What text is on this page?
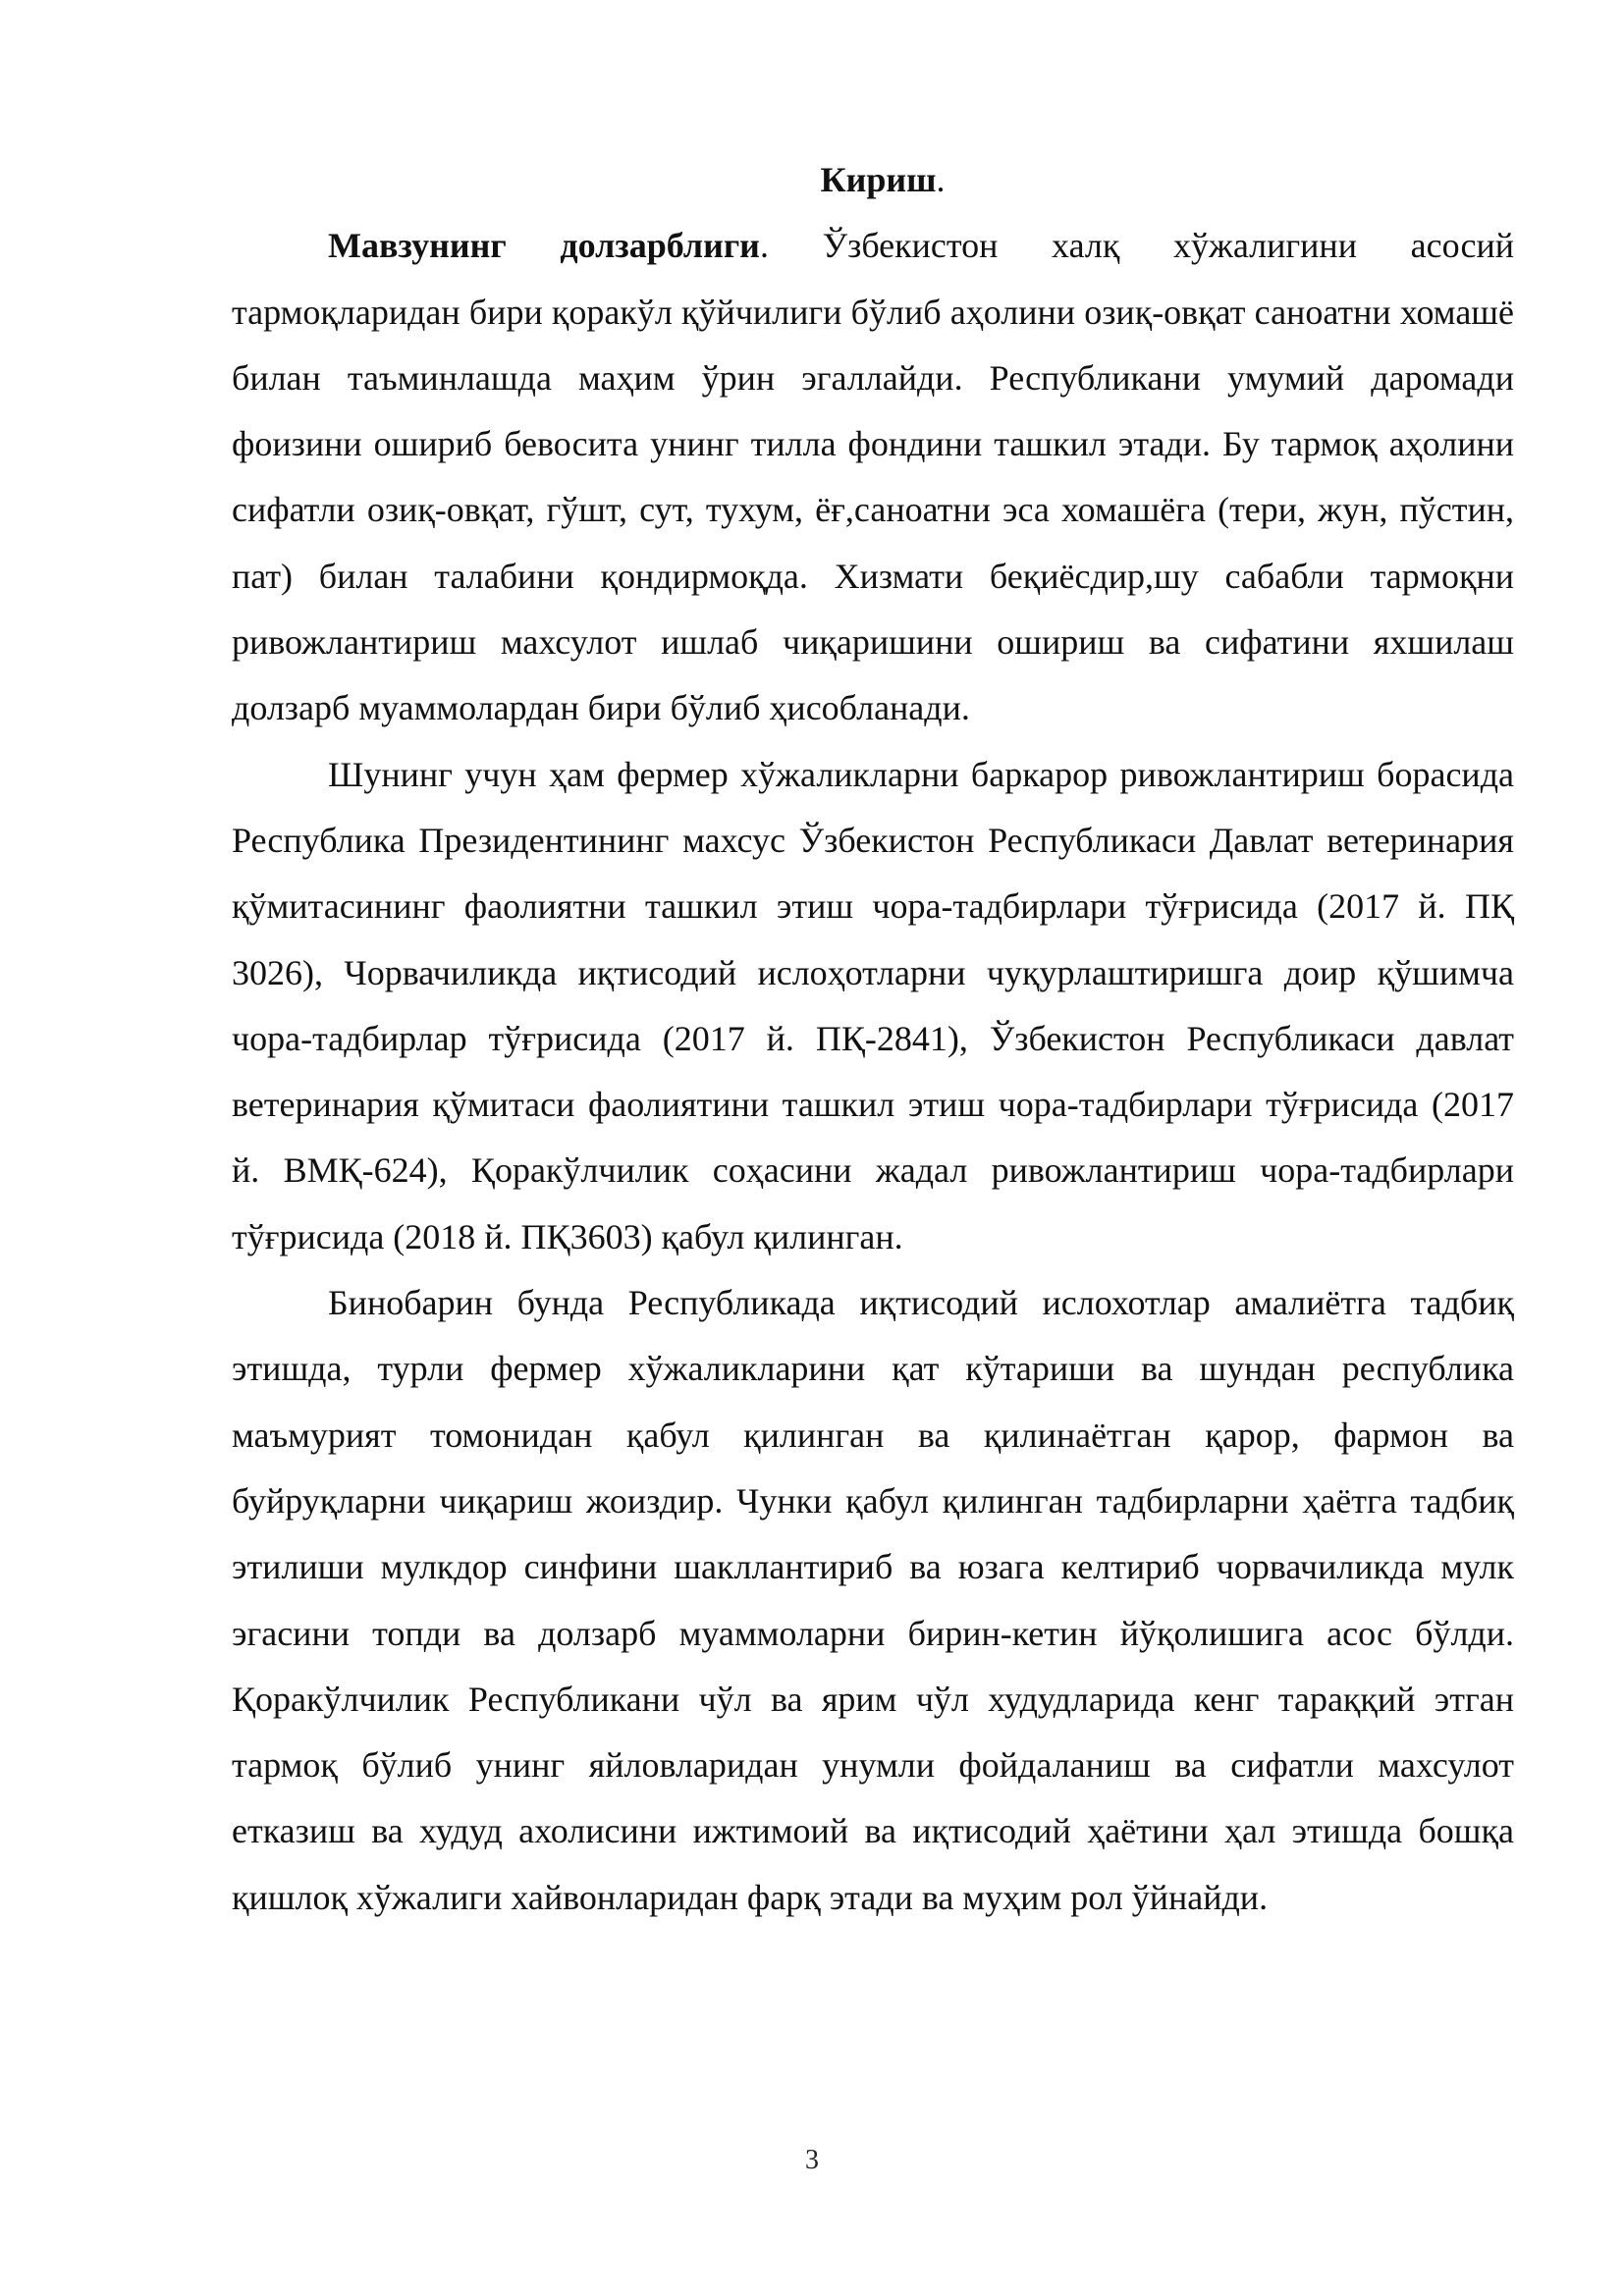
Кириш.

Мавзунинг долзарблиги. Ўзбекистон халқ хўжалигини асосий тармоқларидан бири қоракўл қўйчилиги бўлиб аҳолини озиқ-овқат саноатни хомашё билан таъминлашда маҳим ўрин эгаллайди. Республикани умумий даромади фоизини ошириб бевосита унинг тилла фондини ташкил этади. Бу тармоқ аҳолини сифатли озиқ-овқат, гўшт, сут, тухум, ёғ,саноатни эса хомашёга (тери, жун, пўстин, пат) билан талабини қондирмоқда. Хизмати беқиёсдир,шу сабабли тармоқни ривожлантириш махсулот ишлаб чиқаришини ошириш ва сифатини яхшилаш долзарб муаммолардан бири бўлиб ҳисобланади.

Шунинг учун ҳам фермер хўжаликларни баркарор ривожлантириш борасида Республика Президентининг махсус Ўзбекистон Республикаси Давлат ветеринария қўмитасининг фаолиятни ташкил этиш чора-тадбирлари тўғрисида (2017 й. ПҚ 3026), Чорвачиликда иқтисодий ислоҳотларни чуқурлаштиришга доир қўшимча чора-тадбирлар тўғрисида (2017 й. ПҚ-2841), Ўзбекистон Республикаси давлат ветеринария қўмитаси фаолиятини ташкил этиш чора-тадбирлари тўғрисида (2017 й. ВМҚ-624), Қоракўлчилик соҳасини жадал ривожлантириш чора-тадбирлари тўғрисида (2018 й. ПҚ3603) қабул қилинган.

Бинобарин бунда Республикада иқтисодий ислохотлар амалиётга тадбиқ этишда, турли фермер хўжаликларини қат кўтариши ва шундан республика маъмурият томонидан қабул қилинган ва қилинаётган қарор, фармон ва буйруқларни чиқариш жоиздир. Чунки қабул қилинган тадбирларни ҳаётга тадбиқ этилиши мулкдор синфини шакллантириб ва юзага келтириб чорвачиликда мулк эгасини топди ва долзарб муаммоларни бирин-кетин йўқолишига асос бўлди. Қоракўлчилик Республикани чўл ва ярим чўл худудларида кенг тараққий этган тармоқ бўлиб унинг яйловларидан унумли фойдаланиш ва сифатли махсулот етказиш ва худуд ахолисини ижтимоий ва иқтисодий ҳаётини ҳал этишда бошқа қишлоқ хўжалиги хайвонларидан фарқ этади ва муҳим рол ўйнайди.

3
